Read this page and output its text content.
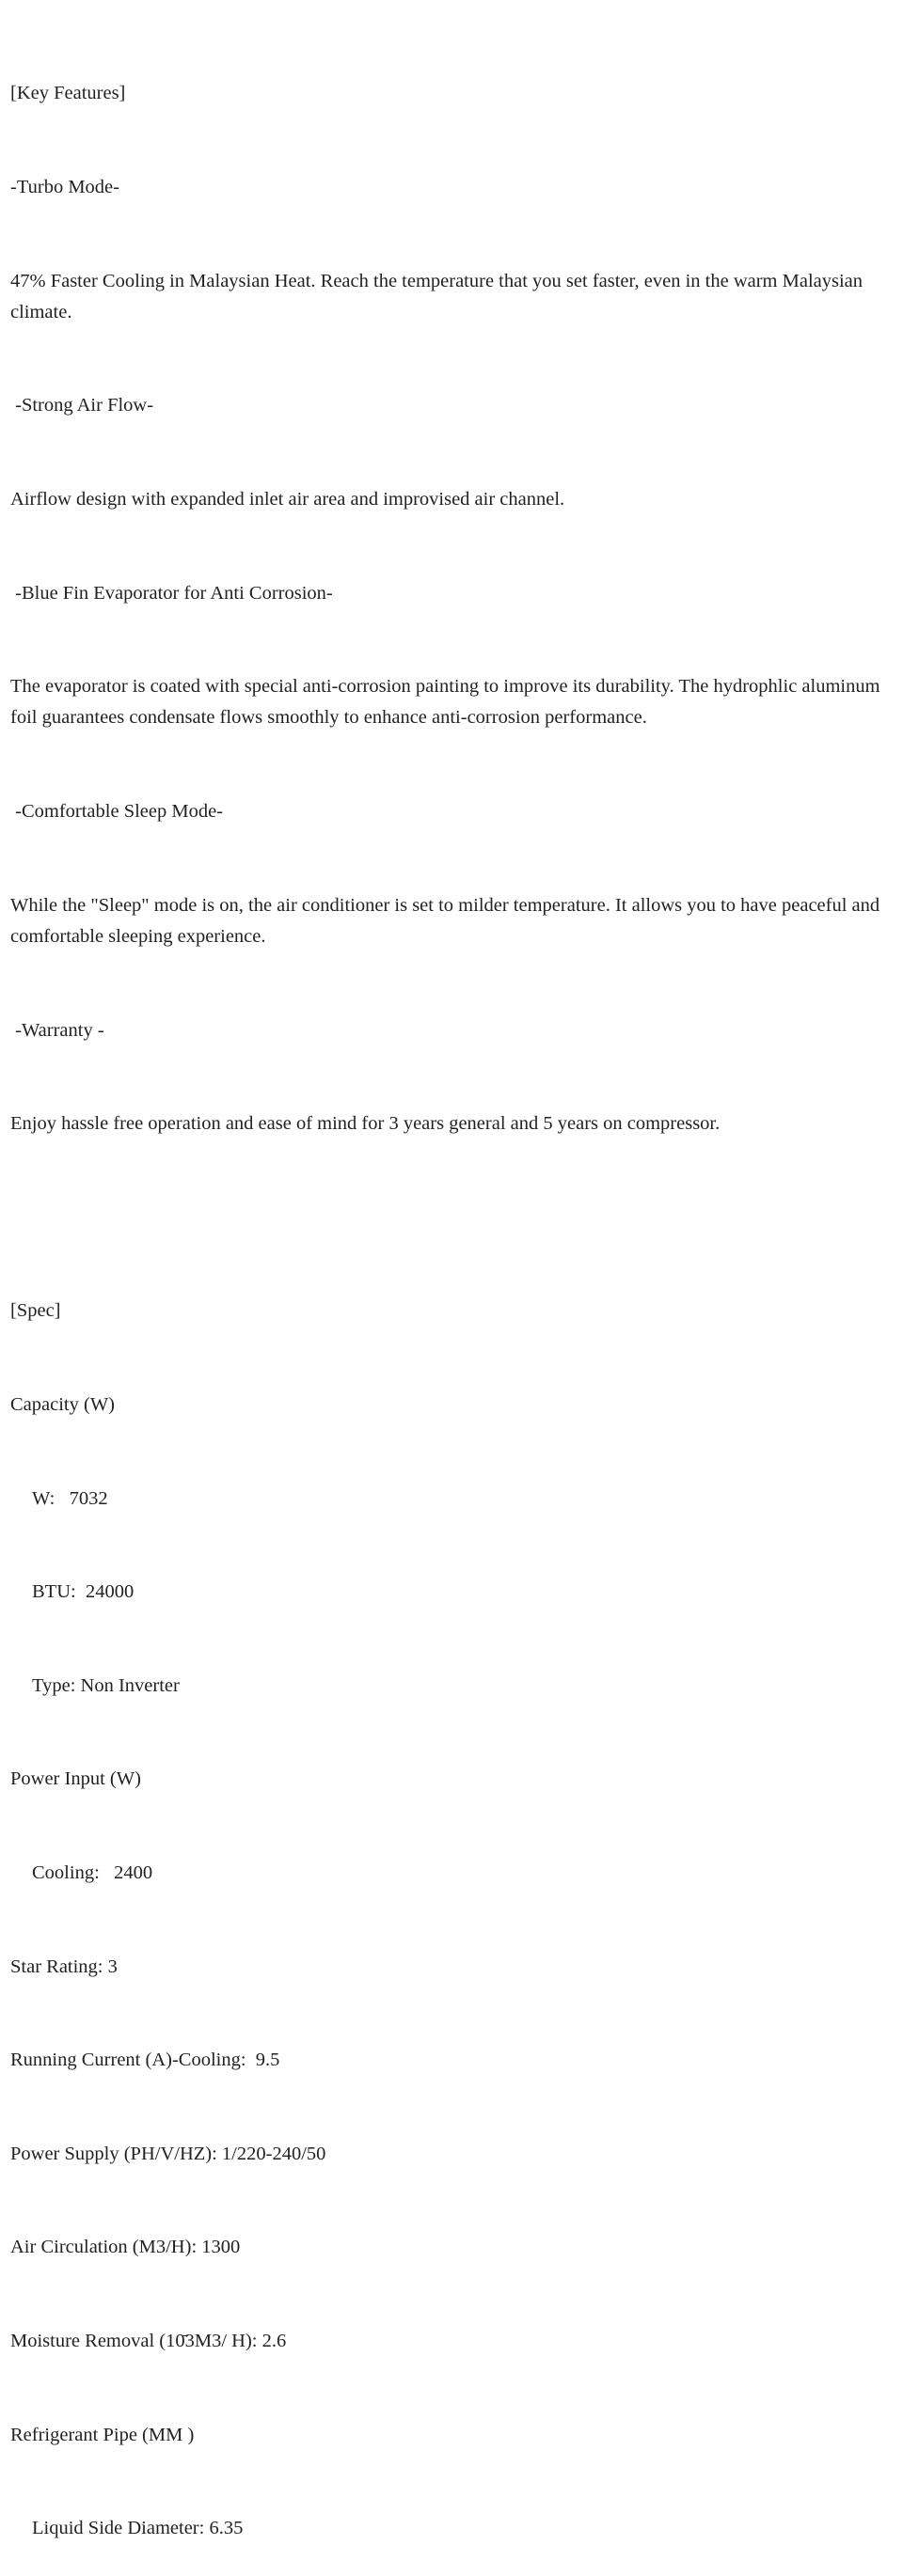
[Key Features]

-Turbo Mode-

47% Faster Cooling in Malaysian Heat. Reach the temperature that you set faster, even in the warm Malaysian climate.

-Strong Air Flow-

Airflow design with expanded inlet air area and improvised air channel.

-Blue Fin Evaporator for Anti Corrosion-

The evaporator is coated with special anti-corrosion painting to improve its durability. The hydrophlic aluminum foil guarantees condensate flows smoothly to enhance anti-corrosion performance.

-Comfortable Sleep Mode-

While the "Sleep" mode is on, the air conditioner is set to milder temperature. It allows you to have peaceful and comfortable sleeping experience.

-Warranty -

Enjoy hassle free operation and ease of mind for 3 years general and 5 years on compressor.

[Spec]

Capacity (W)

W:   7032

BTU:  24000

Type: Non Inverter

Power Input (W)

Cooling:   2400

Star Rating: 3

Running Current (A)-Cooling:  9.5

Power Supply (PH/V/HZ): 1/220-240/50

Air Circulation (M3/H): 1300

Moisture Removal (10̄3M3/ H): 2.6

Refrigerant Pipe (MM )

Liquid Side Diameter: 6.35
